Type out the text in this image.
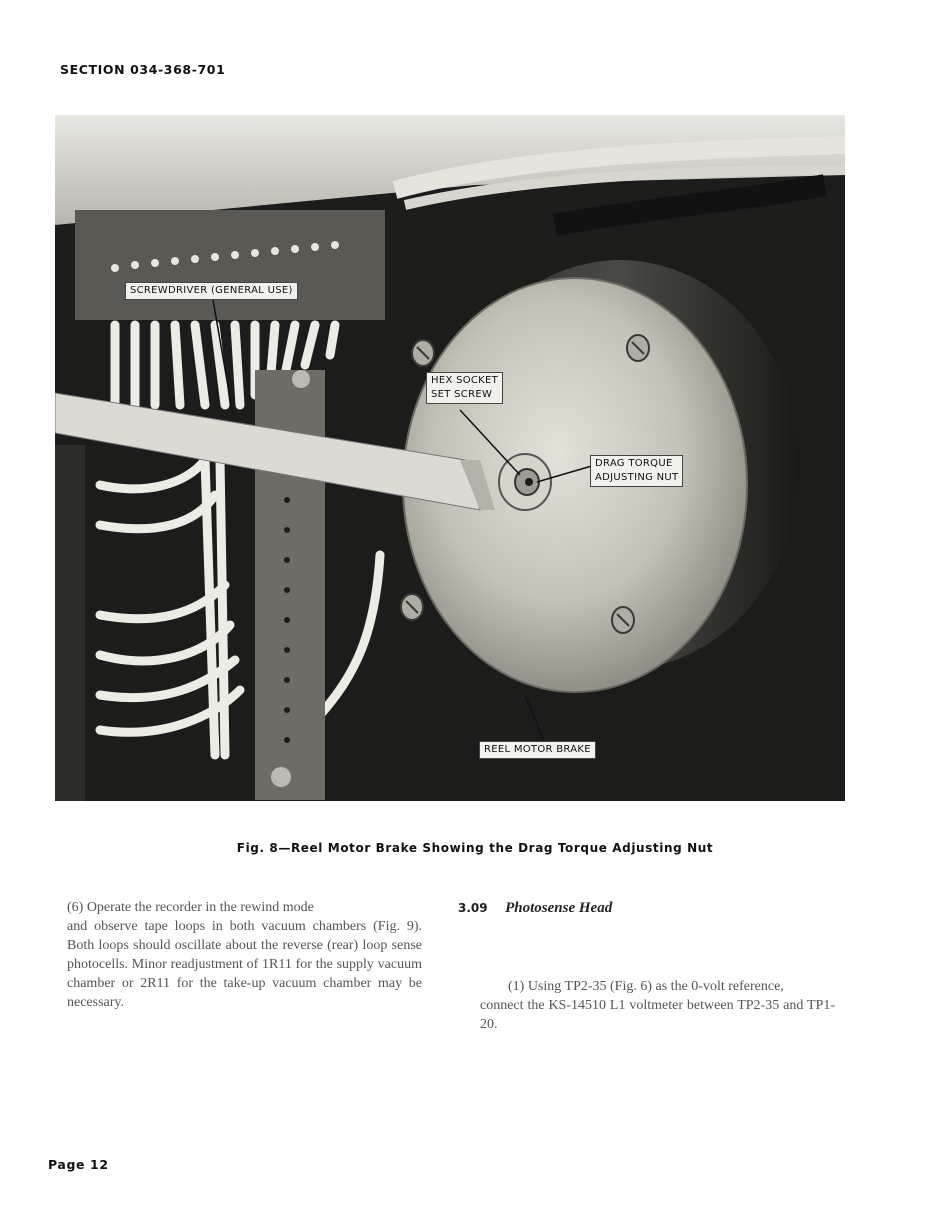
SECTION 034-368-701
SCREWDRIVER (GENERAL USE)
HEX SOCKET
SET SCREW
DRAG TORQUE
ADJUSTING NUT
REEL MOTOR BRAKE
Fig. 8—Reel Motor Brake Showing the Drag Torque Adjusting Nut
(6) Operate the recorder in the rewind mode
and observe tape loops in both vacuum chambers (Fig. 9). Both loops should oscillate about the reverse (rear) loop sense photocells. Minor readjustment of 1R11 for the supply vacuum chamber or 2R11 for the take-up vacuum chamber may be necessary.
3.09 Photosense Head
(1) Using TP2-35 (Fig. 6) as the 0-volt reference,
connect the KS-14510 L1 voltmeter between TP2-35 and TP1-20.
Page 12
